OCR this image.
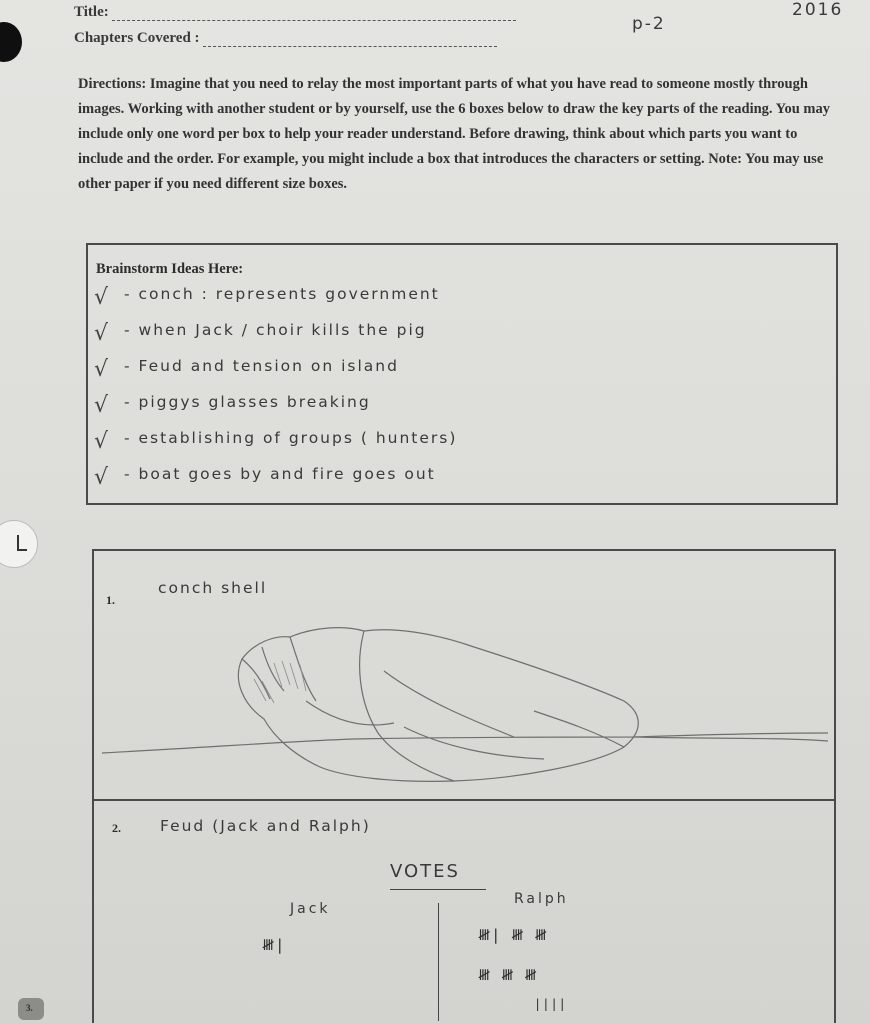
Title:
Chapters Covered :
p-2
2016
Directions: Imagine that you need to relay the most important parts of what you have read to someone mostly through images. Working with another student or by yourself, use the 6 boxes below to draw the key parts of the reading. You may include only one word per box to help your reader understand. Before drawing, think about which parts you want to include and the order. For example, you might include a box that introduces the characters or setting. Note: You may use other paper if you need different size boxes.
Brainstorm Ideas Here:
√ - conch : represents government
√ - when Jack / choir kills the pig
√ - Feud and tension on island
√ - piggys glasses breaking
√ - establishing of groups ( hunters)
√ - boat goes by and fire goes out
1.
conch shell
2.	Feud (Jack and Ralph)
VOTES
Jack
Ralph
𝍸|
𝍸| 𝍸 𝍸
𝍸 𝍸 𝍸
||||
3.
